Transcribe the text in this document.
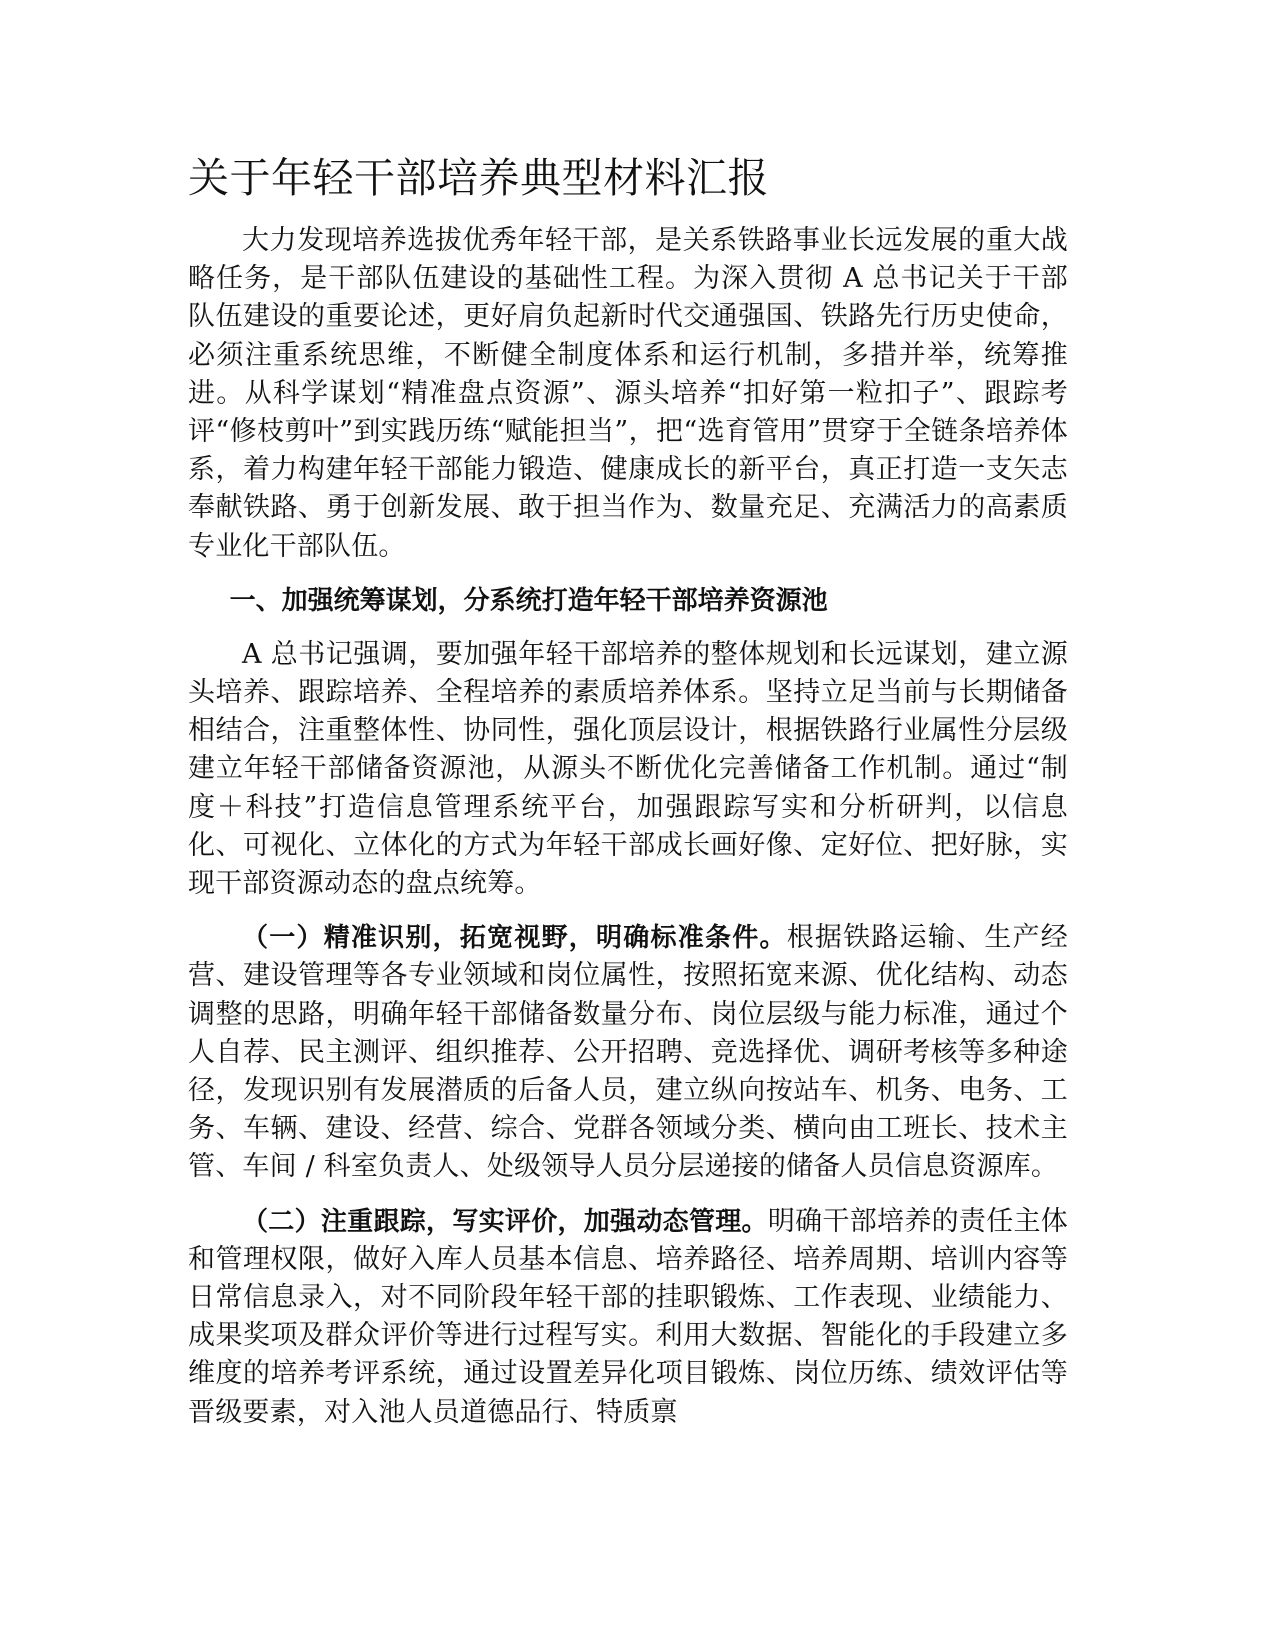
关于年轻干部培养典型材料汇报

大力发现培养选拔优秀年轻干部，是关系铁路事业长远发展的重大战略任务，是干部队伍建设的基础性工程。为深入贯彻 A 总书记关于干部队伍建设的重要论述，更好肩负起新时代交通强国、铁路先行历史使命，必须注重系统思维，不断健全制度体系和运行机制，多措并举，统筹推进。从科学谋划“精准盘点资源”、源头培养“扣好第一粒扣子”、跟踪考评“修枝剪叶”到实践历练“赋能担当”，把“选育管用”贯穿于全链条培养体系，着力构建年轻干部能力锻造、健康成长的新平台，真正打造一支矢志奉献铁路、勇于创新发展、敢于担当作为、数量充足、充满活力的高素质专业化干部队伍。

一、加强统筹谋划，分系统打造年轻干部培养资源池

A 总书记强调，要加强年轻干部培养的整体规划和长远谋划，建立源头培养、跟踪培养、全程培养的素质培养体系。坚持立足当前与长期储备相结合，注重整体性、协同性，强化顶层设计，根据铁路行业属性分层级建立年轻干部储备资源池，从源头不断优化完善储备工作机制。通过“制度＋科技”打造信息管理系统平台，加强跟踪写实和分析研判，以信息化、可视化、立体化的方式为年轻干部成长画好像、定好位、把好脉，实现干部资源动态的盘点统筹。

（一）精准识别，拓宽视野，明确标准条件。根据铁路运输、生产经营、建设管理等各专业领域和岗位属性，按照拓宽来源、优化结构、动态调整的思路，明确年轻干部储备数量分布、岗位层级与能力标准，通过个人自荐、民主测评、组织推荐、公开招聘、竞选择优、调研考核等多种途径，发现识别有发展潜质的后备人员，建立纵向按站车、机务、电务、工务、车辆、建设、经营、综合、党群各领域分类、横向由工班长、技术主管、车间 / 科室负责人、处级领导人员分层递接的储备人员信息资源库。

（二）注重跟踪，写实评价，加强动态管理。明确干部培养的责任主体和管理权限，做好入库人员基本信息、培养路径、培养周期、培训内容等日常信息录入，对不同阶段年轻干部的挂职锻炼、工作表现、业绩能力、成果奖项及群众评价等进行过程写实。利用大数据、智能化的手段建立多维度的培养考评系统，通过设置差异化项目锻炼、岗位历练、绩效评估等晋级要素，对入池人员道德品行、特质禀
